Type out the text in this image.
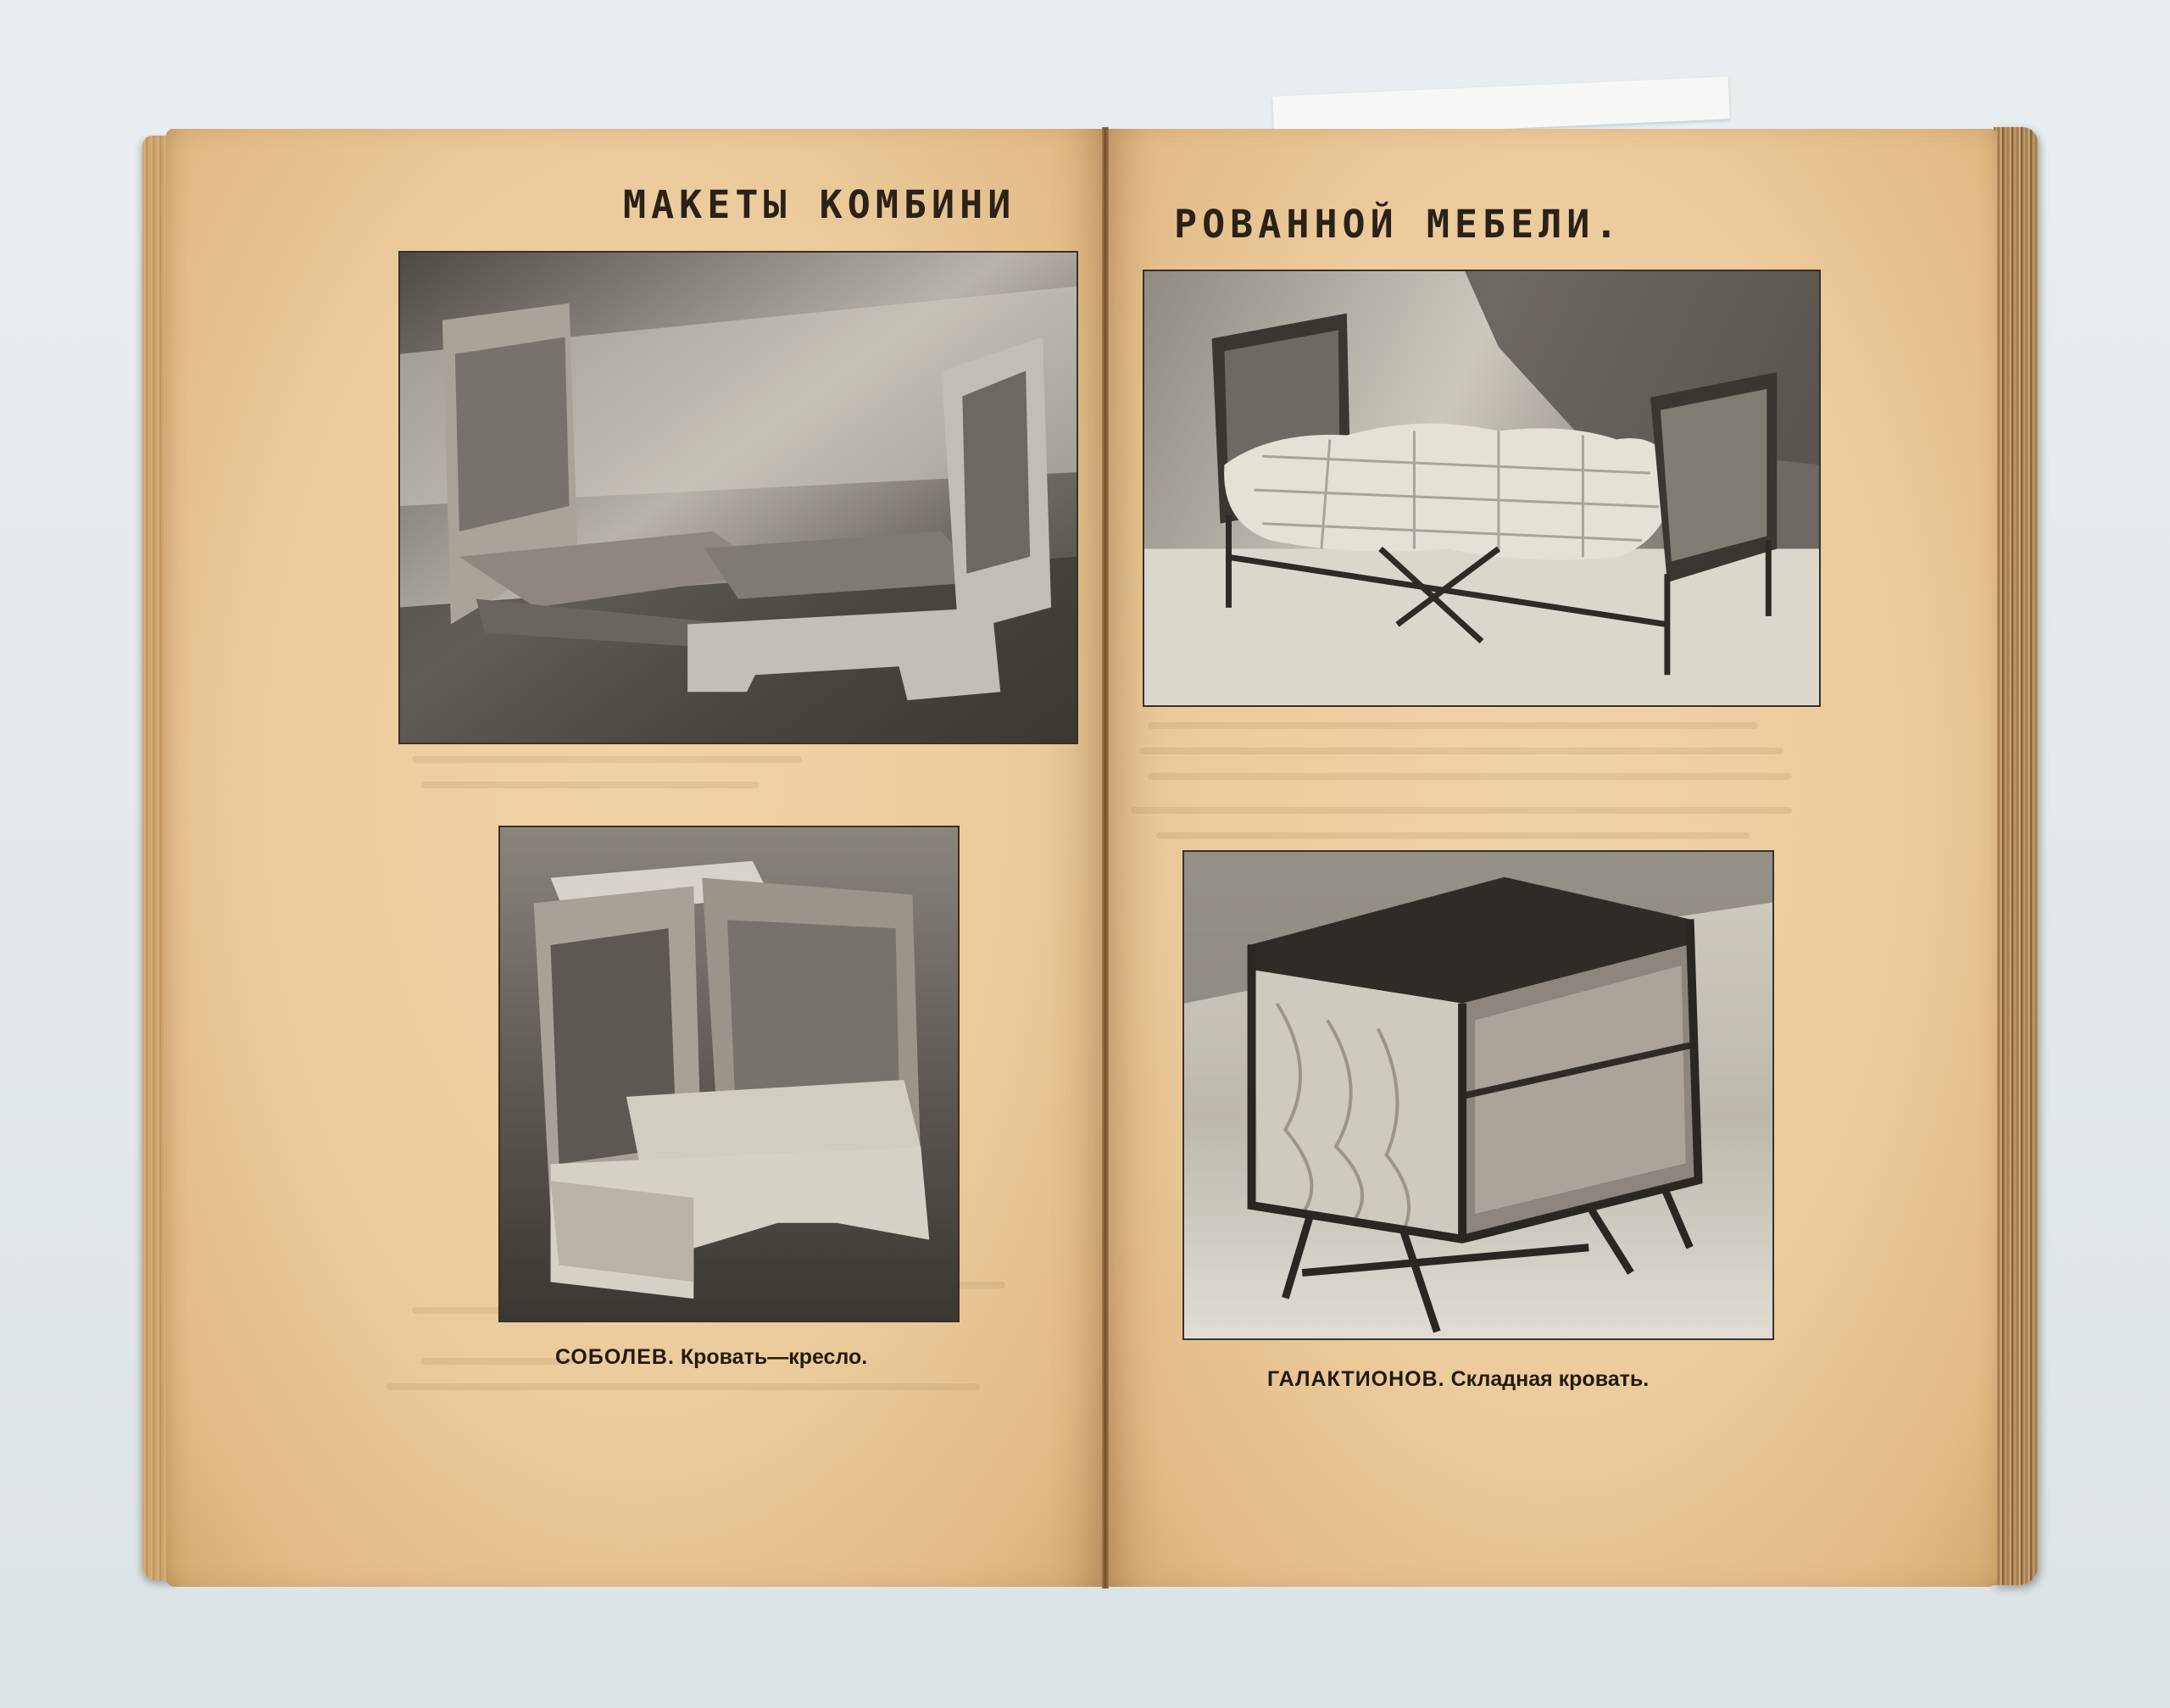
МАКЕТЫ КОМБИНИ	РОВАННОЙ МЕБЕЛИ.
СОБОЛЕВ. Кровать—кресло.
ГАЛАКТИОНОВ. Складная кровать.
